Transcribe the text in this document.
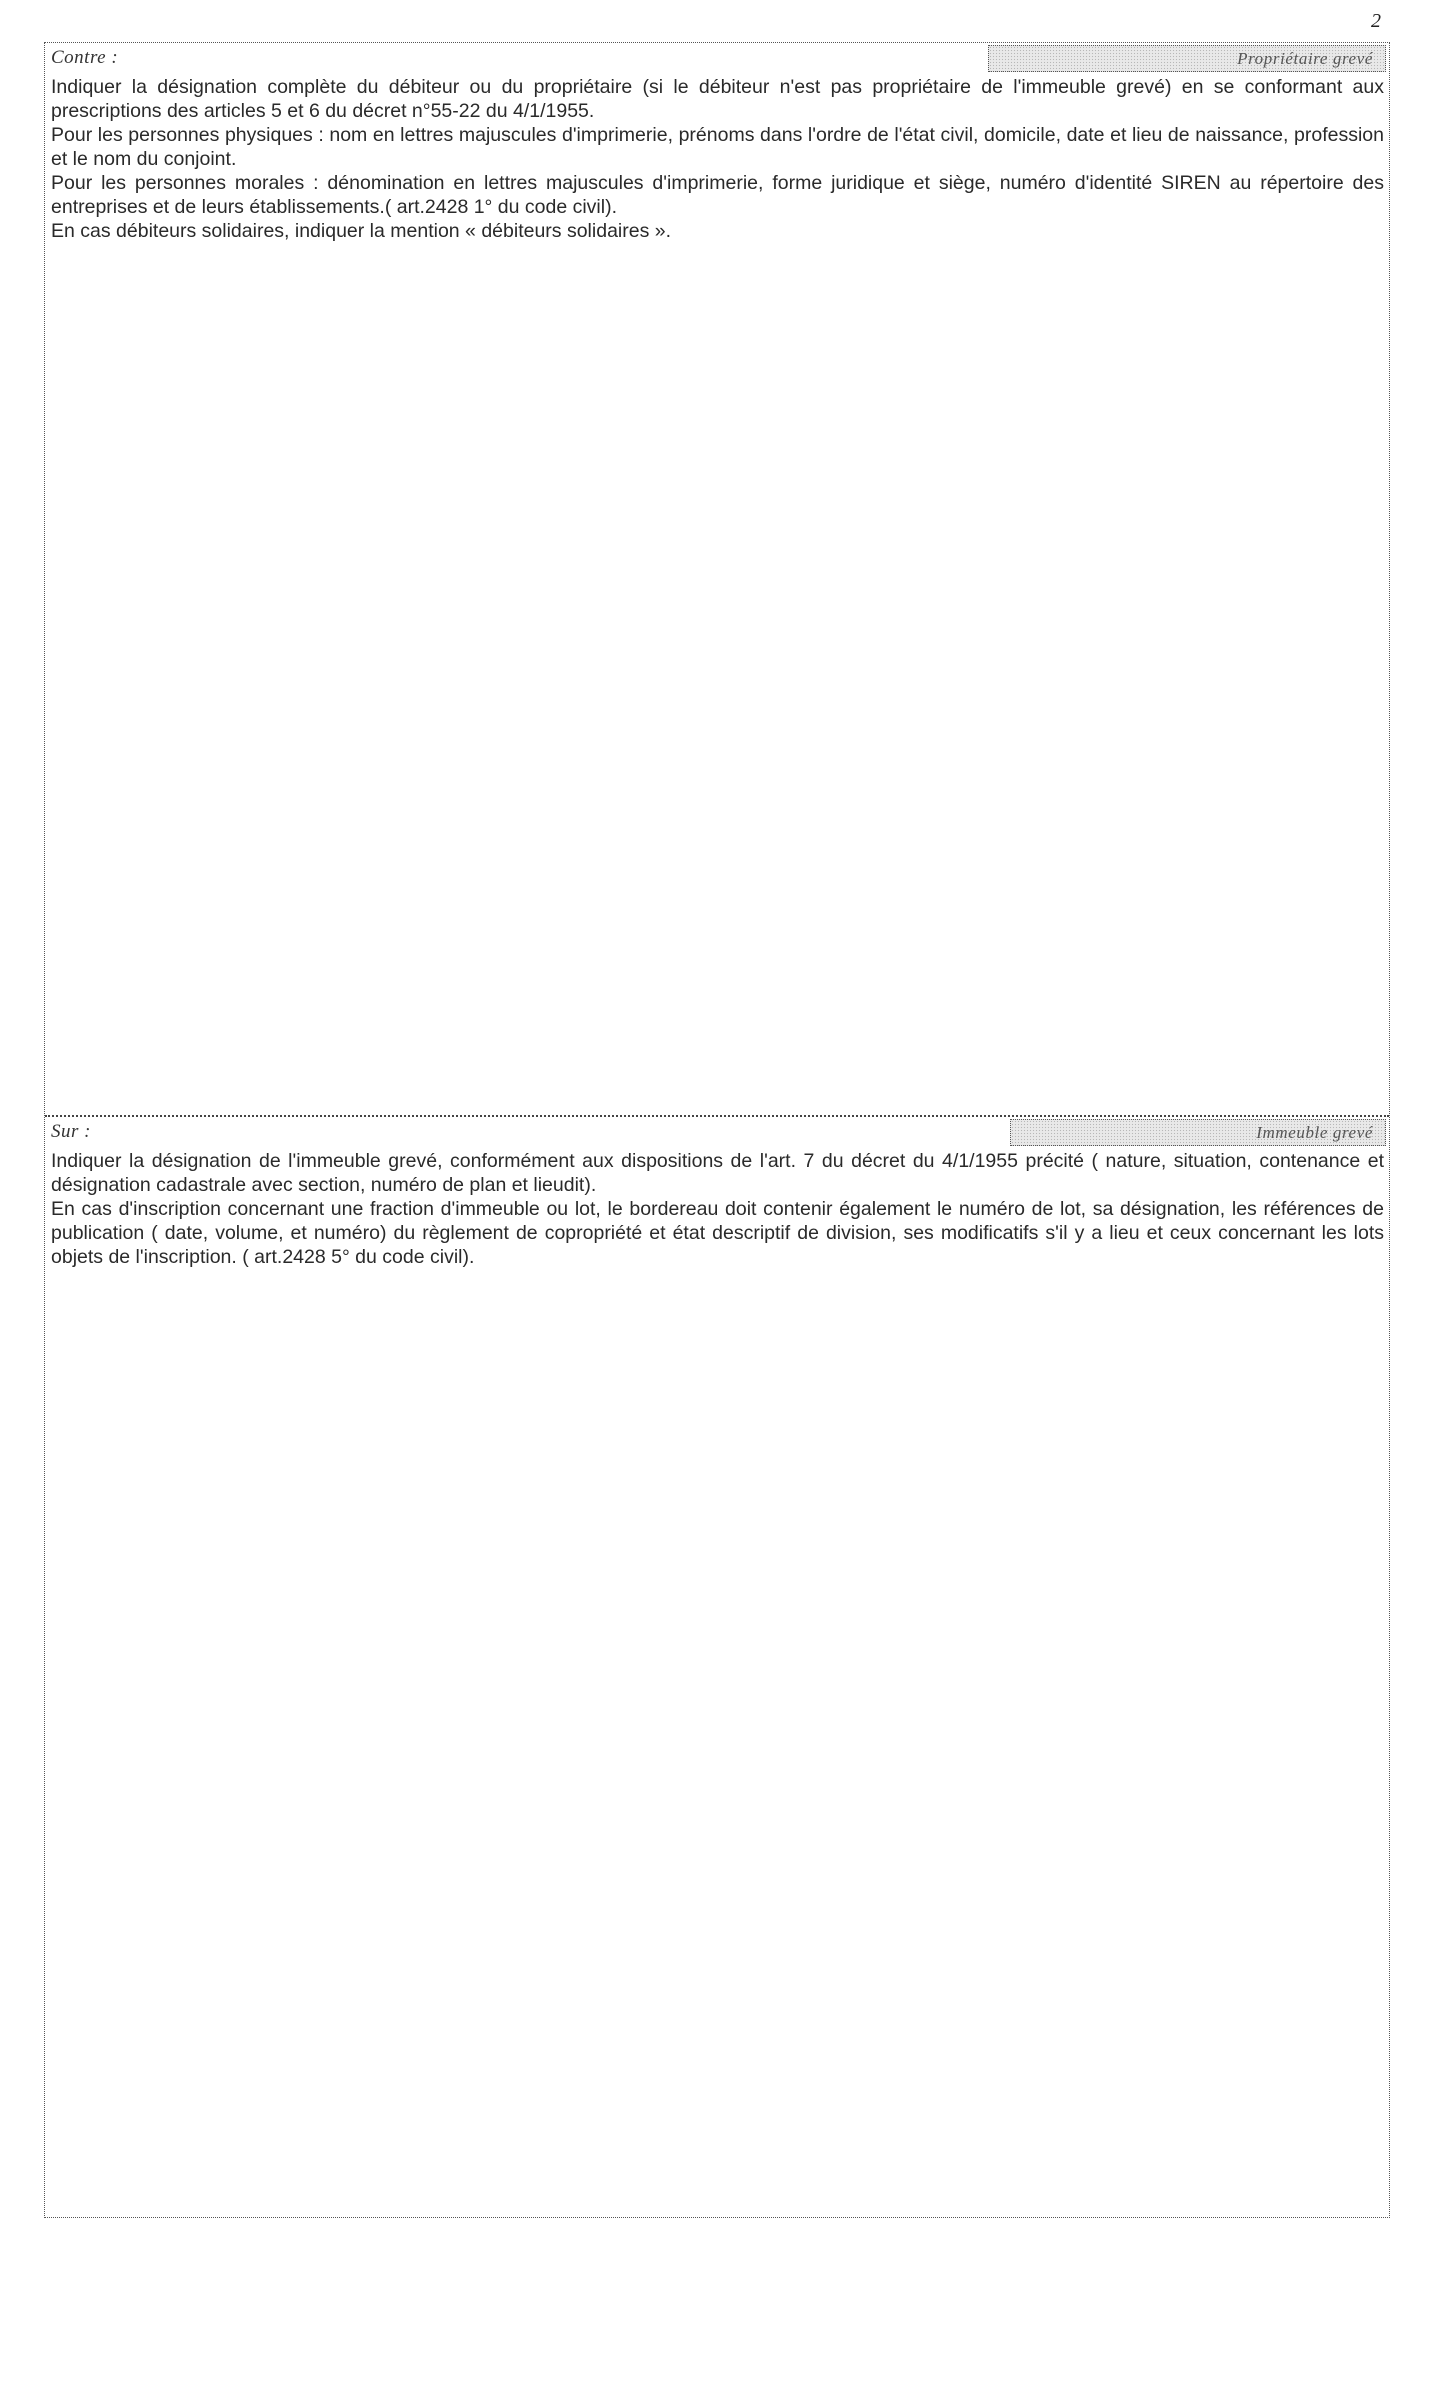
2
Contre :	Propriétaire grevé

Indiquer la désignation complète du débiteur ou du propriétaire (si le débiteur n'est pas propriétaire de l'immeuble grevé) en se conformant aux prescriptions des articles 5 et 6 du décret n°55-22 du 4/1/1955.

Pour les personnes physiques : nom en lettres majuscules d'imprimerie, prénoms dans l'ordre de l'état civil, domicile, date et lieu de naissance, profession et le nom du conjoint.

Pour les personnes morales : dénomination en lettres majuscules d'imprimerie, forme juridique et siège, numéro d'identité SIREN au répertoire des entreprises et de leurs établissements.( art.2428 1° du code civil).

En cas débiteurs solidaires, indiquer la mention « débiteurs solidaires ».

Sur :	Immeuble grevé

Indiquer la désignation de l'immeuble grevé, conformément aux dispositions de l'art. 7 du décret du 4/1/1955 précité ( nature, situation, contenance et désignation cadastrale avec section, numéro de plan et lieudit).

En cas d'inscription concernant une fraction d'immeuble ou lot, le bordereau doit contenir également le numéro de lot, sa désignation, les références de publication ( date, volume, et numéro) du règlement de copropriété et état descriptif de division, ses modificatifs s'il y a lieu et ceux concernant les lots objets de l'inscription. ( art.2428 5° du code civil).
